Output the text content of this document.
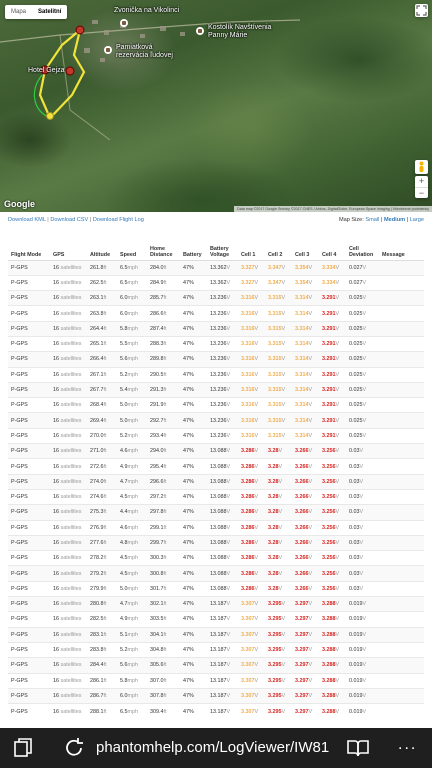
Mapa	Satelitní	Zvonička na Vikolinci
Kostolík Navštívenia
Panny Márie
Pamiatková
rezervácia ľudovej
Hotel Gejza
+
−
Google	Data map ©2017 Google Snímky ©2017 CNES / Airbus, DigitalGlobe, European Space Imaging | Všeobecné podmienky
Download KML | Download CSV | Download Flight Log	Map Size: Small | Medium | Large
Flight Mode	GPS	Altitude	Speed	Home Distance	Battery	Battery Voltage	Cell 1	Cell 2	Cell 3	Cell 4	Cell Deviation	Message
P-GPS	16 satellites	261.8ft	6.5mph	284.0ft	47%	13.362V	3.327V	3.347V	3.354V	3.334V	0.027V	
P-GPS	16 satellites	262.5ft	6.5mph	284.9ft	47%	13.362V	3.327V	3.347V	3.354V	3.334V	0.027V	
P-GPS	16 satellites	263.1ft	6.0mph	285.7ft	47%	13.236V	3.316V	3.315V	3.314V	3.291V	0.025V	
P-GPS	16 satellites	263.8ft	6.0mph	286.6ft	47%	13.236V	3.316V	3.315V	3.314V	3.291V	0.025V	
P-GPS	16 satellites	264.4ft	5.8mph	287.4ft	47%	13.236V	3.316V	3.315V	3.314V	3.291V	0.025V	
P-GPS	16 satellites	265.1ft	5.5mph	288.3ft	47%	13.236V	3.316V	3.315V	3.314V	3.291V	0.025V	
P-GPS	16 satellites	266.4ft	5.6mph	289.8ft	47%	13.236V	3.316V	3.315V	3.314V	3.291V	0.025V	
P-GPS	16 satellites	267.1ft	5.2mph	290.5ft	47%	13.236V	3.316V	3.315V	3.314V	3.291V	0.025V	
P-GPS	16 satellites	267.7ft	5.4mph	291.3ft	47%	13.236V	3.316V	3.315V	3.314V	3.291V	0.025V	
P-GPS	16 satellites	268.4ft	5.0mph	291.9ft	47%	13.236V	3.316V	3.315V	3.314V	3.291V	0.025V	
P-GPS	16 satellites	269.4ft	5.0mph	292.7ft	47%	13.236V	3.316V	3.315V	3.314V	3.291V	0.025V	
P-GPS	16 satellites	270.0ft	5.2mph	293.4ft	47%	13.236V	3.316V	3.315V	3.314V	3.291V	0.025V	
P-GPS	16 satellites	271.0ft	4.6mph	294.0ft	47%	13.088V	3.286V	3.28V	3.266V	3.256V	0.03V	
P-GPS	16 satellites	272.6ft	4.9mph	295.4ft	47%	13.088V	3.286V	3.28V	3.266V	3.256V	0.03V	
P-GPS	16 satellites	274.0ft	4.7mph	296.6ft	47%	13.088V	3.286V	3.28V	3.266V	3.256V	0.03V	
P-GPS	16 satellites	274.6ft	4.5mph	297.2ft	47%	13.088V	3.286V	3.28V	3.266V	3.256V	0.03V	
P-GPS	16 satellites	275.3ft	4.4mph	297.8ft	47%	13.088V	3.286V	3.28V	3.266V	3.256V	0.03V	
P-GPS	16 satellites	276.9ft	4.6mph	299.1ft	47%	13.088V	3.286V	3.28V	3.266V	3.256V	0.03V	
P-GPS	16 satellites	277.6ft	4.8mph	299.7ft	47%	13.088V	3.286V	3.28V	3.266V	3.256V	0.03V	
P-GPS	16 satellites	278.2ft	4.5mph	300.3ft	47%	13.088V	3.286V	3.28V	3.266V	3.256V	0.03V	
P-GPS	16 satellites	279.2ft	4.5mph	300.8ft	47%	13.088V	3.286V	3.28V	3.266V	3.256V	0.03V	
P-GPS	16 satellites	279.9ft	5.0mph	301.7ft	47%	13.088V	3.286V	3.28V	3.266V	3.256V	0.03V	
P-GPS	16 satellites	280.8ft	4.7mph	302.1ft	47%	13.187V	3.307V	3.295V	3.297V	3.288V	0.019V	
P-GPS	16 satellites	282.5ft	4.9mph	303.5ft	47%	13.187V	3.307V	3.295V	3.297V	3.288V	0.019V	
P-GPS	16 satellites	283.1ft	5.1mph	304.1ft	47%	13.187V	3.307V	3.295V	3.297V	3.288V	0.019V	
P-GPS	16 satellites	283.8ft	5.2mph	304.8ft	47%	13.187V	3.307V	3.295V	3.297V	3.288V	0.019V	
P-GPS	16 satellites	284.4ft	5.6mph	305.6ft	47%	13.187V	3.307V	3.295V	3.297V	3.288V	0.019V	
P-GPS	16 satellites	286.1ft	5.8mph	307.0ft	47%	13.187V	3.307V	3.295V	3.297V	3.288V	0.019V	
P-GPS	16 satellites	286.7ft	6.0mph	307.8ft	47%	13.187V	3.307V	3.295V	3.297V	3.288V	0.019V	
P-GPS	16 satellites	288.1ft	6.5mph	309.4ft	47%	13.187V	3.307V	3.295V	3.297V	3.288V	0.019V	
phantomhelp.com/LogViewer/IW81	...
